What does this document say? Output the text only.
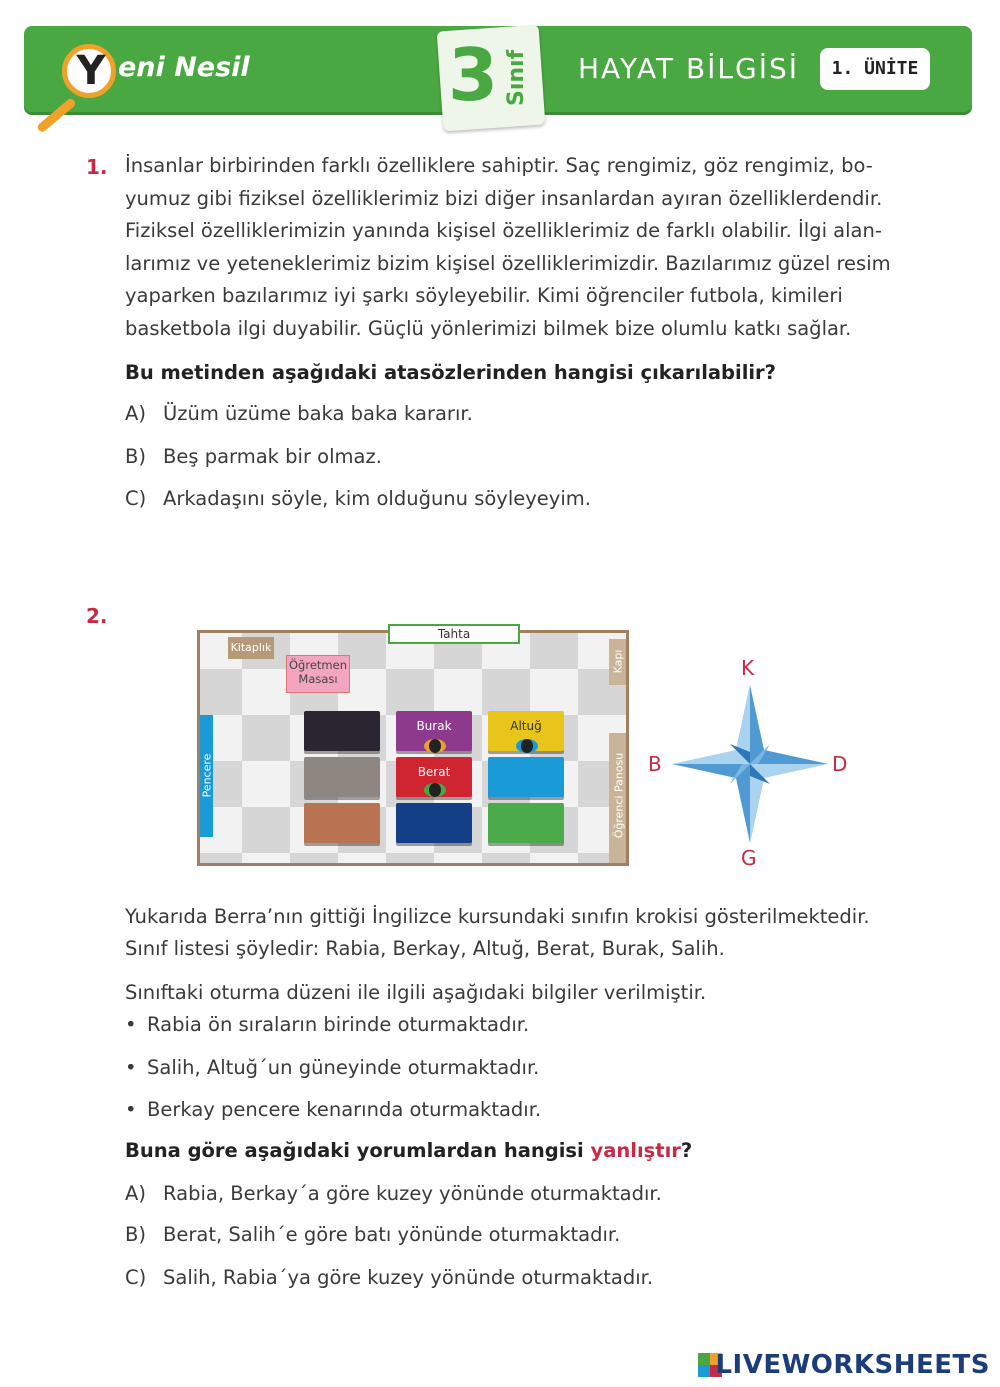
Y eni Nesil	3 Sınıf HAYAT BİLGİSİ	1. ÜNİTE
1. İnsanlar birbirinden farklı özelliklere sahiptir. Saç rengimiz, göz rengimiz, bo-
yumuz gibi fiziksel özelliklerimiz bizi diğer insanlardan ayıran özelliklerdendir.
Fiziksel özelliklerimizin yanında kişisel özelliklerimiz de farklı olabilir. İlgi alan-
larımız ve yeteneklerimiz bizim kişisel özelliklerimizdir. Bazılarımız güzel resim
yaparken bazılarımız iyi şarkı söyleyebilir. Kimi öğrenciler futbola, kimileri
basketbola ilgi duyabilir. Güçlü yönlerimizi bilmek bize olumlu katkı sağlar.
Bu metinden aşağıdaki atasözlerinden hangisi çıkarılabilir?
A) Üzüm üzüme baka baka kararır.
B) Beş parmak bir olmaz.
C) Arkadaşını söyle, kim olduğunu söyleyeyim.
2.
Kitaplık
Öğretmen
Masası
Kapı
Pencere	Öğrenci Panosu
Burak	Altuğ
Berat
Tahta
K
B	D
G
Yukarıda Berra’nın gittiği İngilizce kursundaki sınıfın krokisi gösterilmektedir.
Sınıf listesi şöyledir: Rabia, Berkay, Altuğ, Berat, Burak, Salih.
Sınıftaki oturma düzeni ile ilgili aşağıdaki bilgiler verilmiştir.
• Rabia ön sıraların birinde oturmaktadır.
• Salih, Altuğ´un güneyinde oturmaktadır.
• Berkay pencere kenarında oturmaktadır.
Buna göre aşağıdaki yorumlardan hangisi yanlıştır?
A) Rabia, Berkay´a göre kuzey yönünde oturmaktadır.
B) Berat, Salih´e göre batı yönünde oturmaktadır.
C) Salih, Rabia´ya göre kuzey yönünde oturmaktadır.
LIVEWORKSHEETS
